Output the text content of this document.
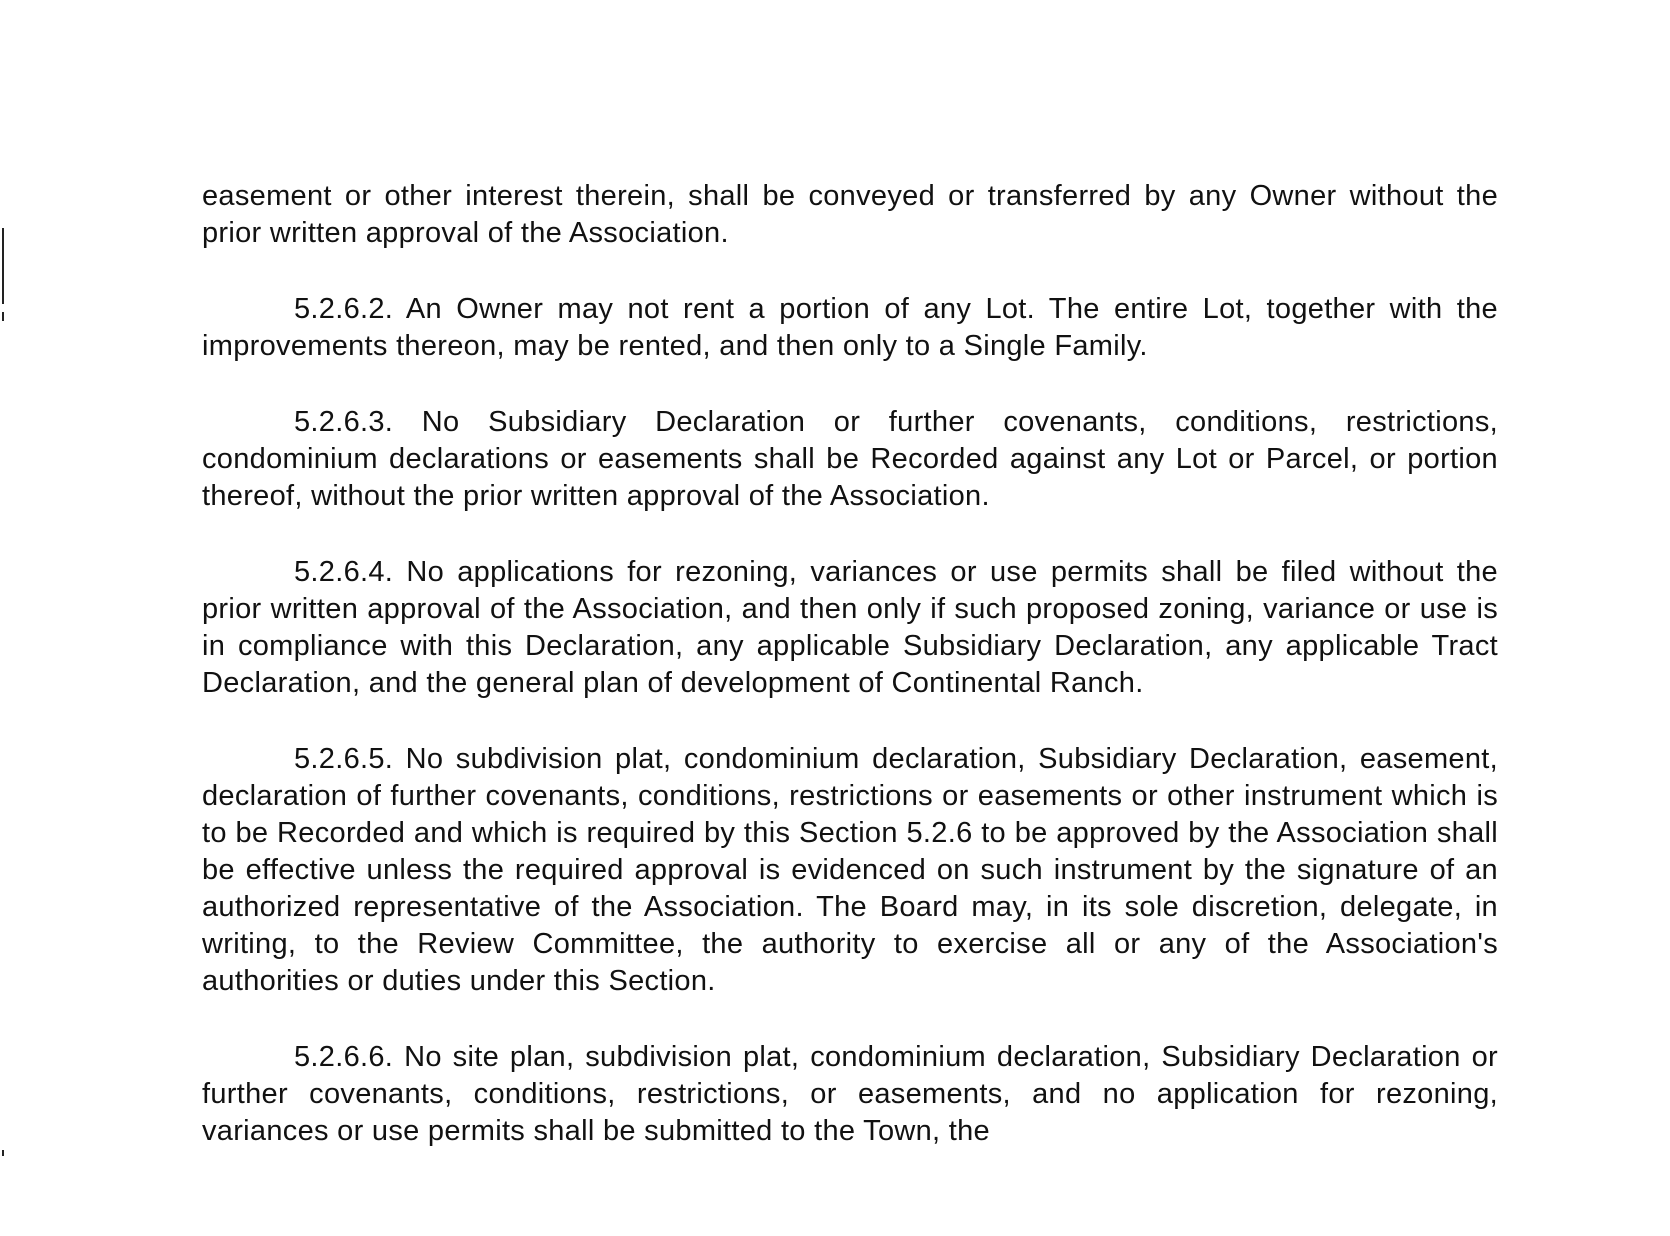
easement or other interest therein, shall be conveyed or transferred by any Owner without the prior written approval of the Association.

5.2.6.2. An Owner may not rent a portion of any Lot. The entire Lot, together with the improvements thereon, may be rented, and then only to a Single Family.

5.2.6.3. No Subsidiary Declaration or further covenants, conditions, restrictions, condominium declarations or easements shall be Recorded against any Lot or Parcel, or portion thereof, without the prior written approval of the Association.

5.2.6.4. No applications for rezoning, variances or use permits shall be filed without the prior written approval of the Association, and then only if such proposed zoning, variance or use is in compliance with this Declaration, any applicable Subsidiary Declaration, any applicable Tract Declaration, and the general plan of development of Continental Ranch.

5.2.6.5. No subdivision plat, condominium declaration, Subsidiary Declaration, easement, declaration of further covenants, conditions, restrictions or easements or other instrument which is to be Recorded and which is required by this Section 5.2.6 to be approved by the Association shall be effective unless the required approval is evidenced on such instrument by the signature of an authorized representative of the Association. The Board may, in its sole discretion, delegate, in writing, to the Review Committee, the authority to exercise all or any of the Association's authorities or duties under this Section.

5.2.6.6. No site plan, subdivision plat, condominium declaration, Subsidiary Declaration or further covenants, conditions, restrictions, or easements, and no application for rezoning, variances or use permits shall be submitted to the Town, the
